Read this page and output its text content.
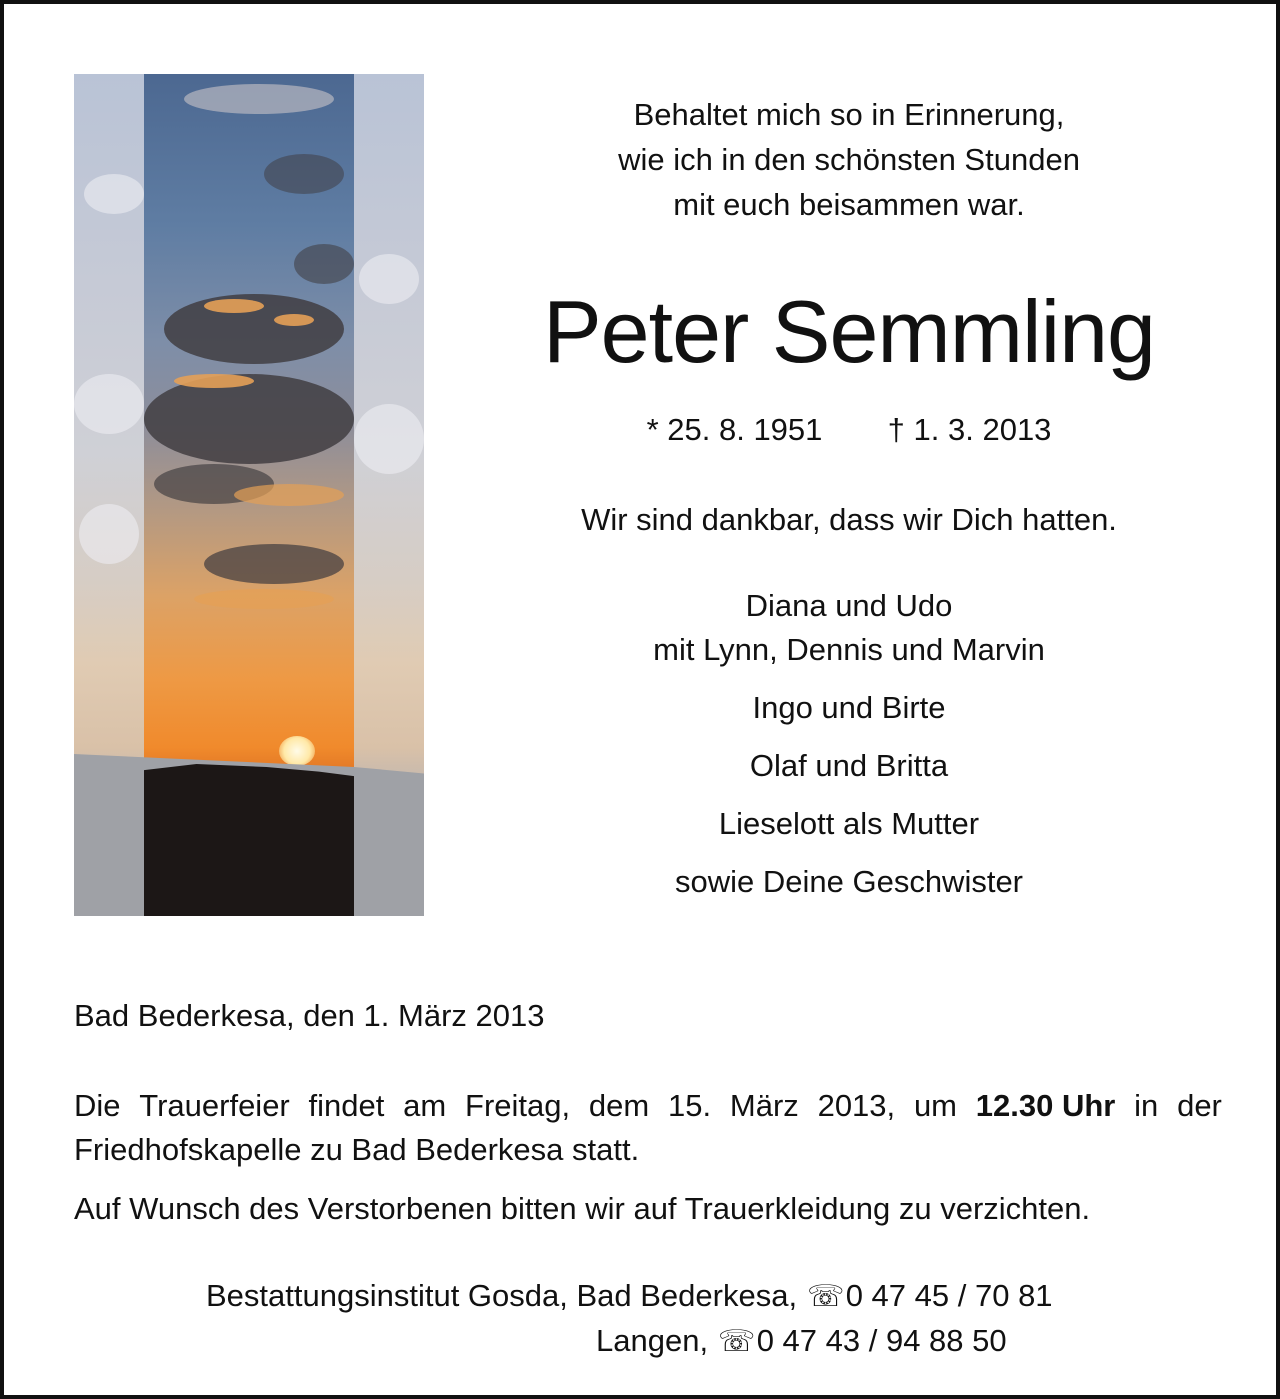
Behaltet mich so in Erinnerung,
wie ich in den schönsten Stunden
mit euch beisammen war.
Peter Semmling
* 25. 8. 1951 † 1. 3. 2013
Wir sind dankbar, dass wir Dich hatten.
Diana und Udo
mit Lynn, Dennis und Marvin
Ingo und Birte
Olaf und Britta
Lieselott als Mutter
sowie Deine Geschwister
Bad Bederkesa, den 1. März 2013
Die Trauerfeier findet am Freitag, dem 15. März 2013, um 12.30 Uhr in der
Friedhofskapelle zu Bad Bederkesa statt.
Auf Wunsch des Verstorbenen bitten wir auf Trauerkleidung zu verzichten.
Bestattungsinstitut Gosda, Bad Bederkesa, ☏0 47 45 / 70 81
Langen, ☏0 47 43 / 94 88 50
